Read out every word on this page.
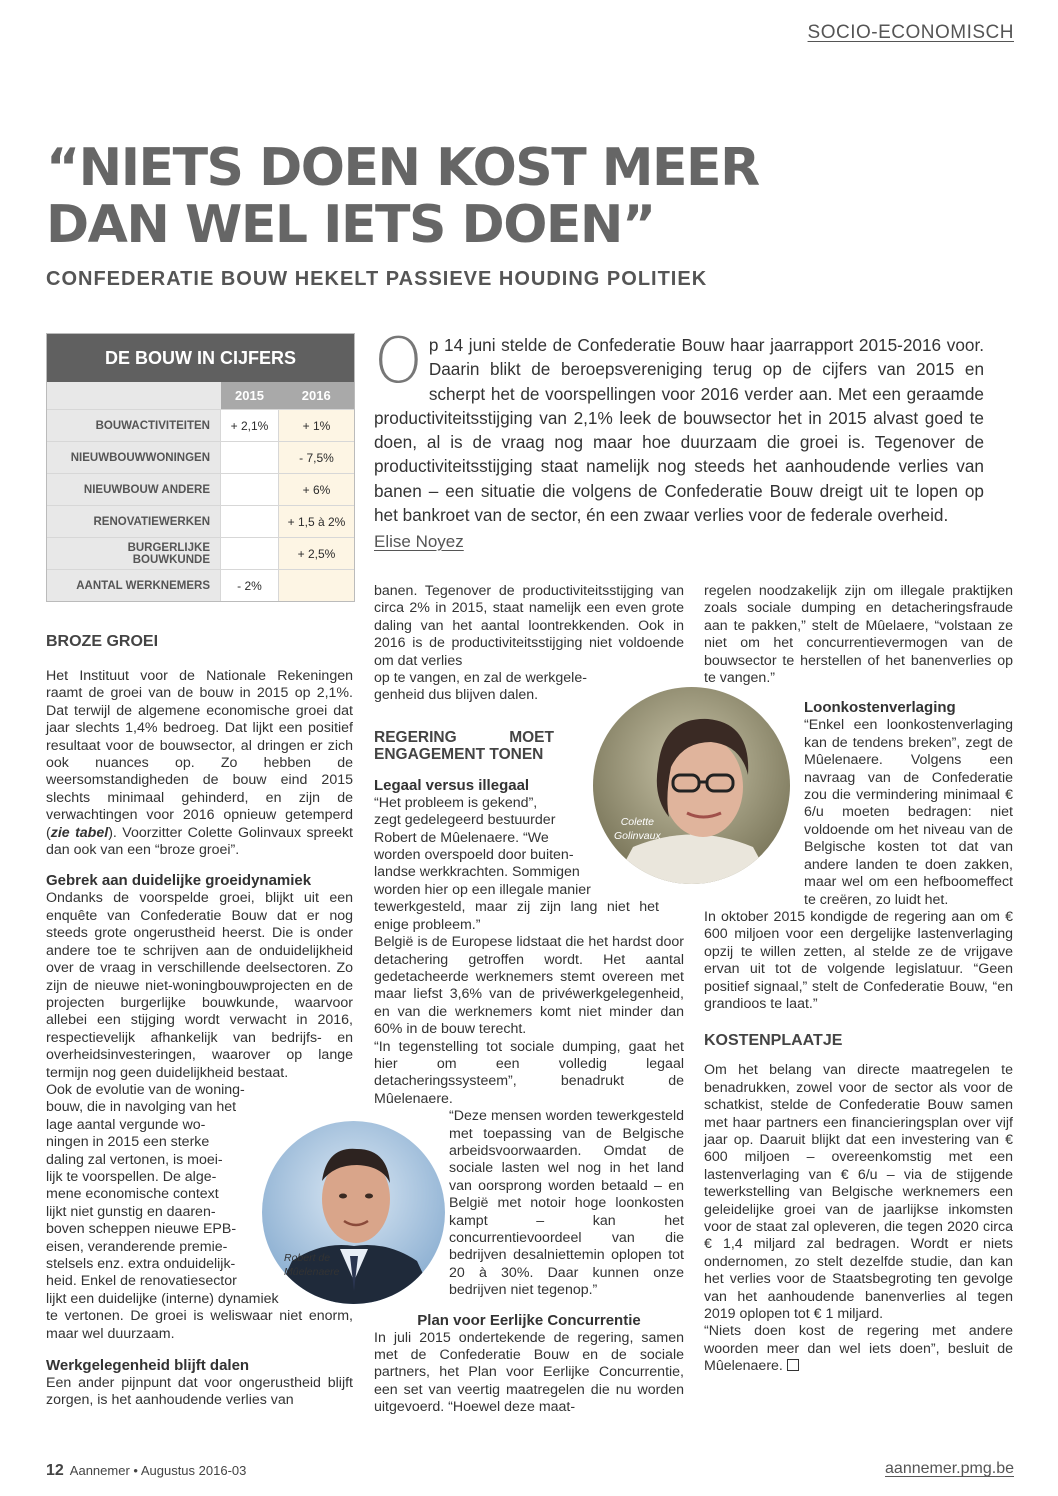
SOCIO-ECONOMISCH
“NIETS DOEN KOST MEER DAN WEL IETS DOEN”
CONFEDERATIE BOUW HEKELT PASSIEVE HOUDING POLITIEK
DE BOUW IN CIJFERS
	2015	2016
BOUWACTIVITEITEN	+ 2,1%	+ 1%
NIEUWBOUWWONINGEN		- 7,5%
NIEUWBOUW ANDERE		+ 6%
RENOVATIEWERKEN		+ 1,5 à 2%
BURGERLIJKE BOUWKUNDE		+ 2,5%
AANTAL WERKNEMERS	- 2%	

Op 14 juni stelde de Confederatie Bouw haar jaarrapport 2015-2016 voor. Daarin blikt de beroepsvereniging terug op de cijfers van 2015 en scherpt het de voorspellingen voor 2016 verder aan. Met een geraamde productiviteitsstijging van 2,1% leek de bouwsector het in 2015 alvast goed te doen, al is de vraag nog maar hoe duurzaam die groei is. Tegenover de productiviteitsstijging staat namelijk nog steeds het aanhoudende verlies van banen – een situatie die volgens de Confederatie Bouw dreigt uit te lopen op het bankroet van de sector, én een zwaar verlies voor de federale overheid.

Elise Noyez
BROZE GROEI

Het Instituut voor de Nationale Rekeningen raamt de groei van de bouw in 2015 op 2,1%. Dat terwijl de algemene economische groei dat jaar slechts 1,4% bedroeg. Dat lijkt een positief resultaat voor de bouwsector, al dringen er zich ook nuances op. Zo hebben de weersomstandigheden de bouw eind 2015 slechts minimaal gehinderd, en zijn de verwachtingen voor 2016 opnieuw getemperd (zie tabel). Voorzitter Colette Golinvaux spreekt dan ook van een “broze groei”.

Gebrek aan duidelijke groeidynamiek

Ondanks de voorspelde groei, blijkt uit een enquête van Confederatie Bouw dat er nog steeds grote ongerustheid heerst. Die is onder andere toe te schrijven aan de onduidelijkheid over de vraag in verschillende deelsectoren. Zo zijn de nieuwe niet-woningbouwprojecten en de projecten burgerlijke bouwkunde, waarvoor allebei een stijging wordt verwacht in 2016, respectievelijk afhankelijk van bedrijfs- en overheidsinvesteringen, waarover op lange termijn nog geen duidelijkheid bestaat.

Ook de evolutie van de woning-
bouw, die in navolging van het
lage aantal vergunde wo-
ningen in 2015 een sterke
daling zal vertonen, is moei-
lijk te voorspellen. De alge-
mene economische context
lijkt niet gunstig en daaren-
boven scheppen nieuwe EPB-
eisen, veranderende premie-
stelsels enz. extra onduidelijk-
heid. Enkel de renovatiesector
lijkt een duidelijke (interne) dynamiek
te vertonen. De groei is weliswaar niet enorm, maar wel duurzaam.
Werkgelegenheid blijft dalen

Een ander pijnpunt dat voor ongerustheid blijft zorgen, is het aanhoudende verlies van

Robert de
Mûelenaere

banen. Tegenover de productiviteitsstijging van circa 2% in 2015, staat namelijk een even grote daling van het aantal loontrekkenden. Ook in 2016 is de productiviteitsstijging niet voldoende om dat verlies

op te vangen, en zal de werkgele-
genheid dus blijven dalen.
REGERING MOET ENGAGEMENT TONEN
Legaal versus illegaal
“Het probleem is gekend”,
zegt gedelegeerd bestuurder
Robert de Mûelenaere. “We
worden overspoeld door buiten-
landse werkkrachten. Sommigen
worden hier op een illegale manier
tewerkgesteld, maar zij zijn lang niet het enige probleem.”

België is de Europese lidstaat die het hardst door detachering getroffen wordt. Het aantal gedetacheerde werknemers stemt overeen met maar liefst 3,6% van de privéwerkgelegenheid, en van die werknemers komt niet minder dan 60% in de bouw terecht.

“In tegenstelling tot sociale dumping, gaat het hier om een volledig legaal detacheringssysteem”, benadrukt de Mûelenaere.

“Deze mensen worden tewerkgesteld met toepassing van de Belgische arbeidsvoorwaarden. Omdat de sociale lasten wel nog in het land van oorsprong worden betaald – en België met notoir hoge loonkosten kampt – kan het concurrentievoordeel van die bedrijven desalniettemin oplopen tot 20 à 30%. Daar kunnen onze bedrijven niet tegenop.”

Plan voor Eerlijke Concurrentie

In juli 2015 ondertekende de regering, samen met de Confederatie Bouw en de sociale partners, het Plan voor Eerlijke Concurrentie, een set van veertig maatregelen die nu worden uitgevoerd. “Hoewel deze maat-

Colette
Golinvaux

regelen noodzakelijk zijn om illegale praktijken zoals sociale dumping en detacheringsfraude aan te pakken,” stelt de Mûelaere, “volstaan ze niet om het concurrentievermogen van de bouwsector te herstellen of het banenverlies op te vangen.”

Loonkostenverlaging

“Enkel een loonkostenverlaging kan de tendens breken”, zegt de Mûelenaere. Volgens een navraag van de Confederatie zou die vermindering minimaal € 6/u moeten bedragen: niet voldoende om het niveau van de Belgische kosten tot dat van andere landen te doen zakken, maar wel om een hefboomeffect te creëren, zo luidt het.

In oktober 2015 kondigde de regering aan om € 600 miljoen voor een dergelijke lastenverlaging opzij te willen zetten, al stelde ze de vrijgave ervan uit tot de volgende legislatuur. “Geen positief signaal,” stelt de Confederatie Bouw, “en grandioos te laat.”

KOSTENPLAATJE

Om het belang van directe maatregelen te benadrukken, zowel voor de sector als voor de schatkist, stelde de Confederatie Bouw samen met haar partners een financieringsplan over vijf jaar op. Daaruit blijkt dat een investering van € 600 miljoen – overeenkomstig met een lastenverlaging van € 6/u – via de stijgende tewerkstelling van Belgische werknemers een geleidelijke groei van de jaarlijkse inkomsten voor de staat zal opleveren, die tegen 2020 circa € 1,4 miljard zal bedragen. Wordt er niets ondernomen, zo stelt dezelfde studie, dan kan het verlies voor de Staatsbegroting ten gevolge van het aanhoudende banenverlies al tegen 2019 oplopen tot € 1 miljard.

“Niets doen kost de regering met andere woorden meer dan wel iets doen”, besluit de Mûelenaere.

12 Aannemer • Augustus 2016-03	aannemer.pmg.be
